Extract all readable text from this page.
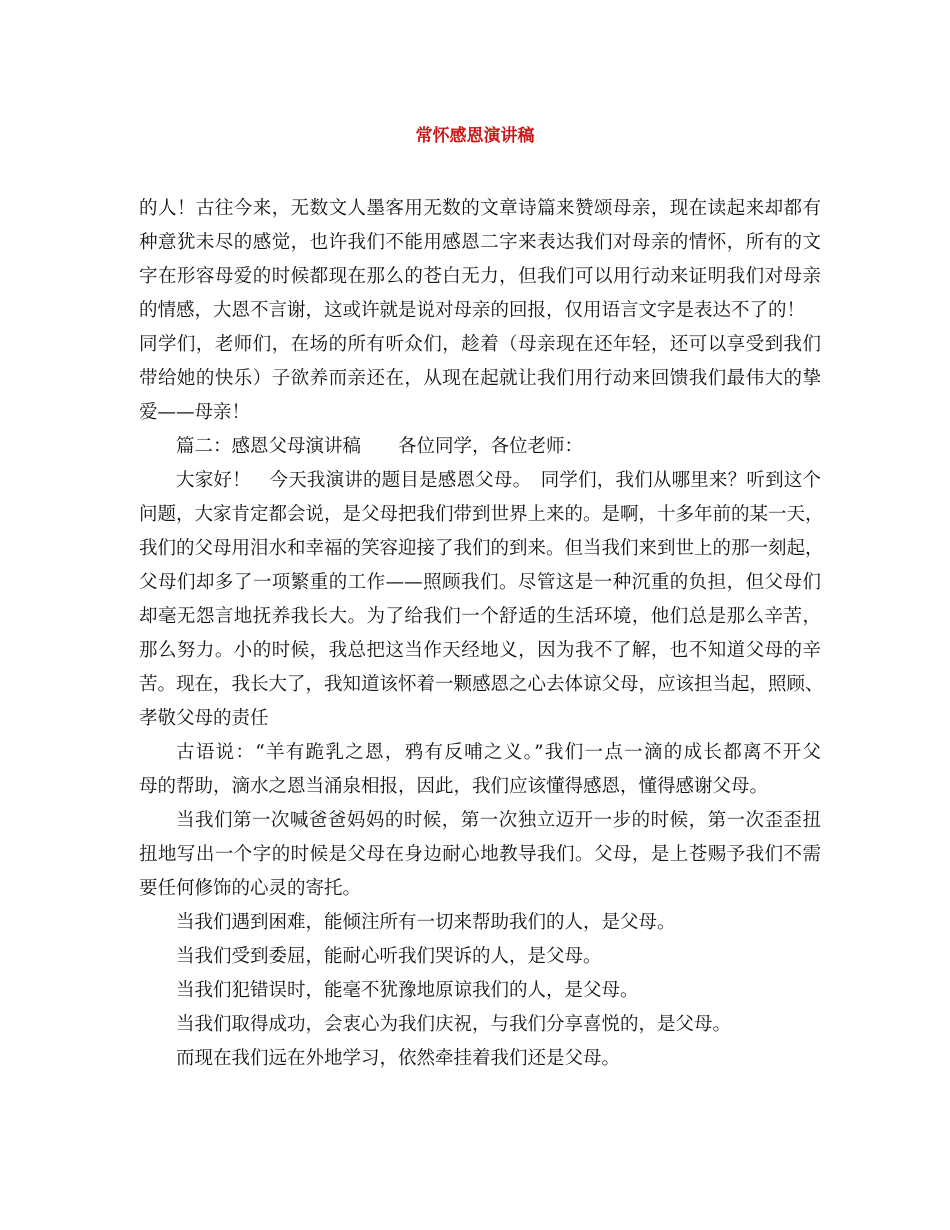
常怀感恩演讲稿
的人！古往今来，无数文人墨客用无数的文章诗篇来赞颂母亲，现在读起来却都有
种意犹未尽的感觉，也许我们不能用感恩二字来表达我们对母亲的情怀，所有的文
字在形容母爱的时候都现在那么的苍白无力，但我们可以用行动来证明我们对母亲
的情感，大恩不言谢，这或许就是说对母亲的回报，仅用语言文字是表达不了的！
同学们，老师们，在场的所有听众们，趁着（母亲现在还年轻，还可以享受到我们
带给她的快乐）子欲养而亲还在，从现在起就让我们用行动来回馈我们最伟大的挚
爱——母亲！
篇二：感恩父母演讲稿　　各位同学，各位老师：
大家好！　今天我演讲的题目是感恩父母。　同学们，我们从哪里来？听到这个
问题，大家肯定都会说，是父母把我们带到世界上来的。是啊，十多年前的某一天，
我们的父母用泪水和幸福的笑容迎接了我们的到来。但当我们来到世上的那一刻起，
父母们却多了一项繁重的工作——照顾我们。尽管这是一种沉重的负担，但父母们
却毫无怨言地抚养我长大。为了给我们一个舒适的生活环境，他们总是那么辛苦，
那么努力。小的时候，我总把这当作天经地义，因为我不了解，也不知道父母的辛
苦。现在，我长大了，我知道该怀着一颗感恩之心去体谅父母，应该担当起，照顾、
孝敬父母的责任
古语说：“羊有跪乳之恩，鸦有反哺之义。”我们一点一滴的成长都离不开父
母的帮助，滴水之恩当涌泉相报，因此，我们应该懂得感恩，懂得感谢父母。
当我们第一次喊爸爸妈妈的时候，第一次独立迈开一步的时候，第一次歪歪扭
扭地写出一个字的时候是父母在身边耐心地教导我们。父母，是上苍赐予我们不需
要任何修饰的心灵的寄托。
当我们遇到困难，能倾注所有一切来帮助我们的人，是父母。
当我们受到委屈，能耐心听我们哭诉的人，是父母。
当我们犯错误时，能毫不犹豫地原谅我们的人，是父母。
当我们取得成功，会衷心为我们庆祝，与我们分享喜悦的，是父母。
而现在我们远在外地学习，依然牵挂着我们还是父母。
